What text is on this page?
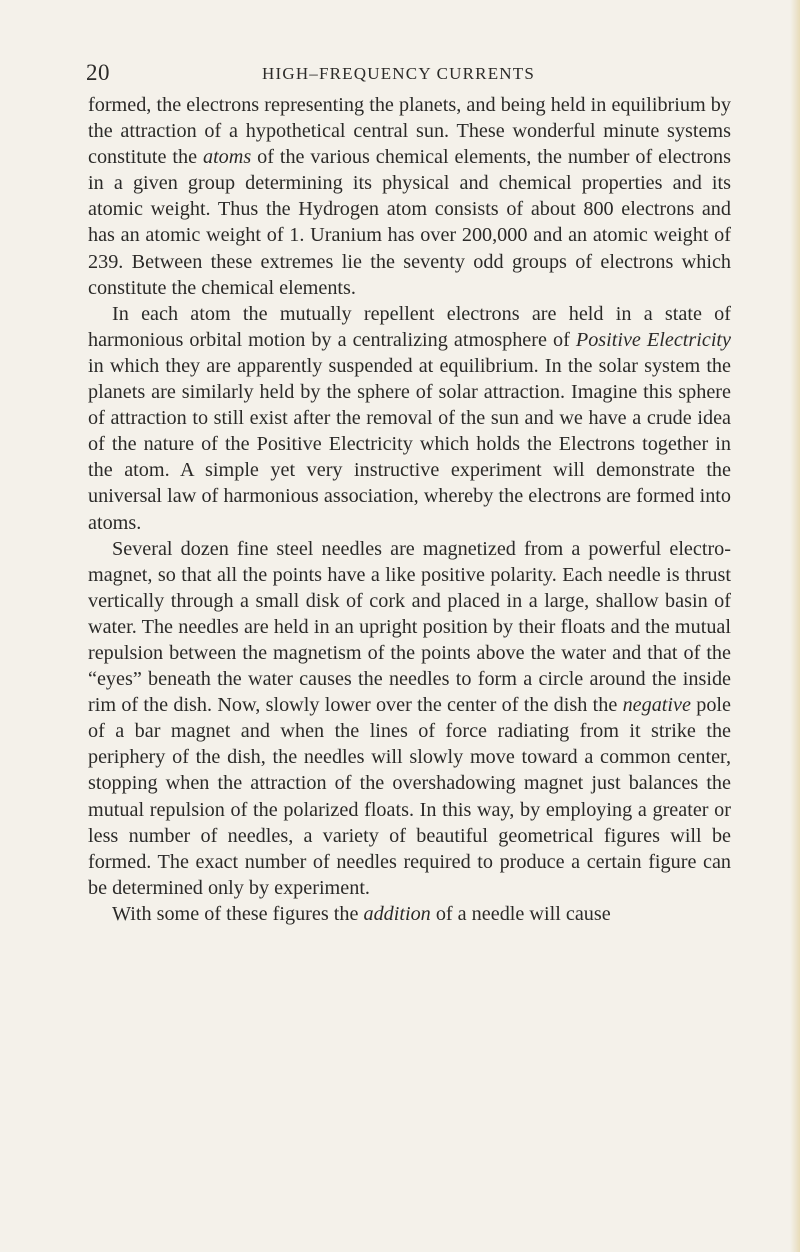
20	HIGH–FREQUENCY CURRENTS

formed, the electrons representing the planets, and being held in equilibrium by the attraction of a hypothetical central sun. These wonderful minute systems constitute the atoms of the various chemical elements, the number of electrons in a given group determining its physical and chemical properties and its atomic weight. Thus the Hydrogen atom consists of about 800 electrons and has an atomic weight of 1. Uranium has over 200,000 and an atomic weight of 239. Between these extremes lie the seventy odd groups of electrons which constitute the chemical elements.

In each atom the mutually repellent electrons are held in a state of harmonious orbital motion by a centralizing atmosphere of Positive Electricity in which they are apparently suspended at equilibrium. In the solar system the planets are similarly held by the sphere of solar attraction. Imagine this sphere of attraction to still exist after the removal of the sun and we have a crude idea of the nature of the Positive Electricity which holds the Electrons together in the atom. A simple yet very instructive experiment will demonstrate the universal law of harmonious association, whereby the electrons are formed into atoms.

Several dozen fine steel needles are magnetized from a powerful electro-magnet, so that all the points have a like positive polarity. Each needle is thrust vertically through a small disk of cork and placed in a large, shallow basin of water. The needles are held in an upright position by their floats and the mutual repulsion between the magnetism of the points above the water and that of the “eyes” beneath the water causes the needles to form a circle around the inside rim of the dish. Now, slowly lower over the center of the dish the negative pole of a bar magnet and when the lines of force radiating from it strike the periphery of the dish, the needles will slowly move toward a common center, stopping when the attraction of the overshadowing magnet just balances the mutual repulsion of the polarized floats. In this way, by employing a greater or less number of needles, a variety of beautiful geometrical figures will be formed. The exact number of needles required to produce a certain figure can be determined only by experiment.

With some of these figures the addition of a needle will cause
